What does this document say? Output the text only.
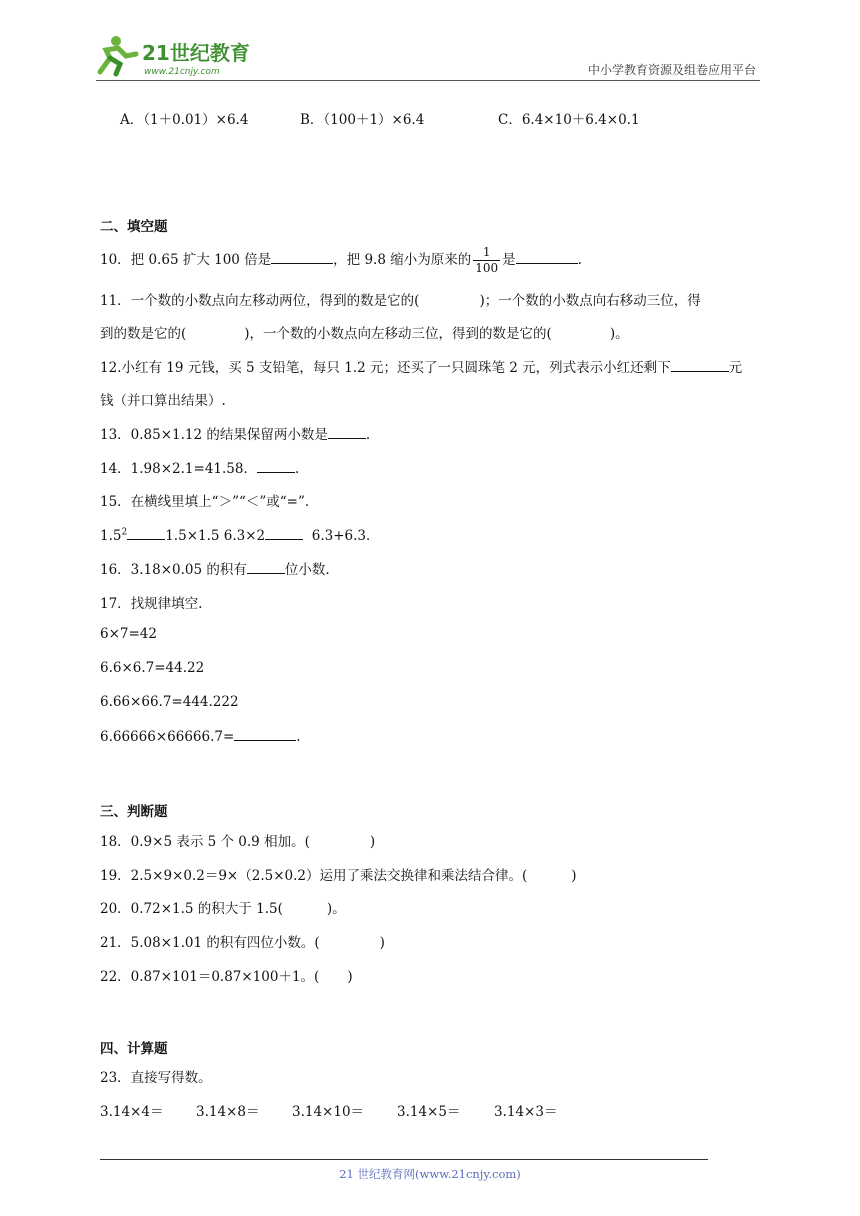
21世纪教育
www.21cnjy.com	中小学教育资源及组卷应用平台
A．（1＋0.01）×6.4	B．（100＋1）×6.4	C．6.4×10＋6.4×0.1
二、填空题
10．把 0.65 扩大 100 倍是	，把 9.8 缩小为原来的 $\frac{1}{100}$ 是	.
11．一个数的小数点向左移动两位，得到的数是它的(	)；一个数的小数点向右移动三位，得
到的数是它的(	)，一个数的小数点向左移动三位，得到的数是它的(	)。
12.小红有 19 元钱，买 5 支铅笔，每只 1.2 元；还买了一只圆珠笔 2 元，列式表示小红还剩下	元
钱（并口算出结果）.
13．0.85×1.12 的结果保留两小数是	.
14．1.98×2.1=41.58．	.
15．在横线里填上“＞”“＜”或“=”.
$1.5^2$	1.5×1.5 6.3×2	6.3+6.3．
16．3.18×0.05 的积有	位小数.
17．找规律填空.
6×7=42
6.6×6.7=44.22
6.66×66.7=444.222
6.66666×66666.7=	.
三、判断题
18．0.9×5 表示 5 个 0.9 相加。(	)
19．2.5×9×0.2＝9×（2.5×0.2）运用了乘法交换律和乘法结合律。(	)
20．0.72×1.5 的积大于 1.5(	)。
21．5.08×1.01 的积有四位小数。(	)
22．0.87×101＝0.87×100＋1。( )
四、计算题
23．直接写得数。
3.14×4＝ 3.14×8＝ 3.14×10＝ 3.14×5＝ 3.14×3＝
21 世纪教育网(www.21cnjy.com)
